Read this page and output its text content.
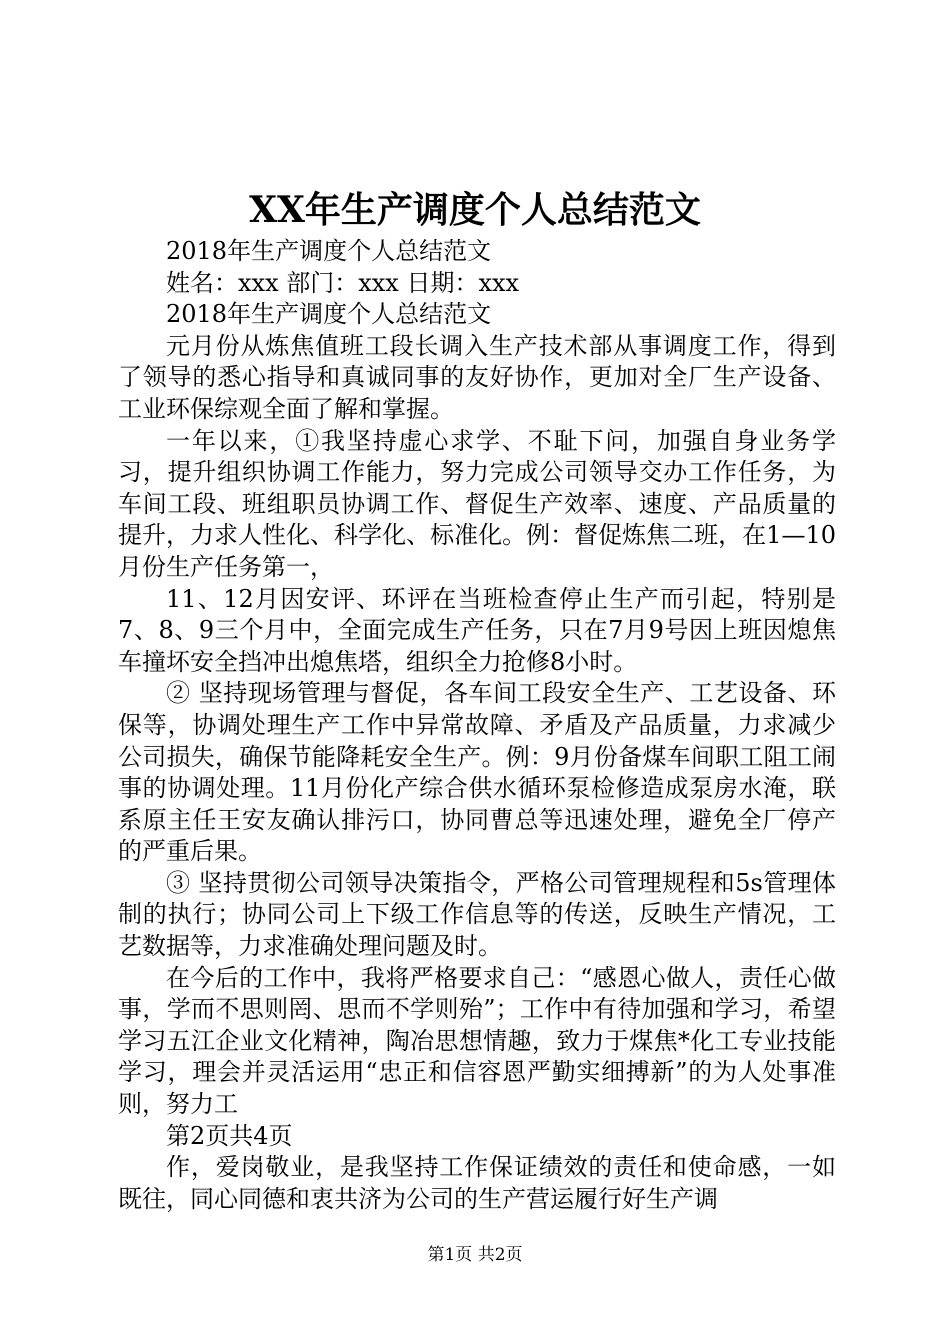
XX年生产调度个人总结范文

2018年生产调度个人总结范文

姓名：xxx 部门：xxx 日期：xxx

2018年生产调度个人总结范文

元月份从炼焦值班工段长调入生产技术部从事调度工作，得到了领导的悉心指导和真诚同事的友好协作，更加对全厂生产设备、工业环保综观全面了解和掌握。

一年以来，①我坚持虚心求学、不耻下问，加强自身业务学习，提升组织协调工作能力，努力完成公司领导交办工作任务，为车间工段、班组职员协调工作、督促生产效率、速度、产品质量的提升，力求人性化、科学化、标准化。例：督促炼焦二班，在1—10月份生产任务第一，

11、12月因安评、环评在当班检查停止生产而引起，特别是7、8、9三个月中，全面完成生产任务，只在7月9号因上班因熄焦车撞坏安全挡冲出熄焦塔，组织全力抢修8小时。

② 坚持现场管理与督促，各车间工段安全生产、工艺设备、环保等，协调处理生产工作中异常故障、矛盾及产品质量，力求减少公司损失，确保节能降耗安全生产。例：9月份备煤车间职工阻工闹事的协调处理。11月份化产综合供水循环泵检修造成泵房水淹，联系原主任王安友确认排污口，协同曹总等迅速处理，避免全厂停产的严重后果。

③ 坚持贯彻公司领导决策指令，严格公司管理规程和5s管理体制的执行；协同公司上下级工作信息等的传送，反映生产情况，工艺数据等，力求准确处理问题及时。

在今后的工作中，我将严格要求自己：“感恩心做人，责任心做事，学而不思则罔、思而不学则殆”；工作中有待加强和学习，希望学习五江企业文化精神，陶冶思想情趣，致力于煤焦*化工专业技能学习，理会并灵活运用“忠正和信容恩严勤实细搏新”的为人处事准则，努力工

第2页共4页

作，爱岗敬业，是我坚持工作保证绩效的责任和使命感，一如既往，同心同德和衷共济为公司的生产营运履行好生产调

第1页 共2页
